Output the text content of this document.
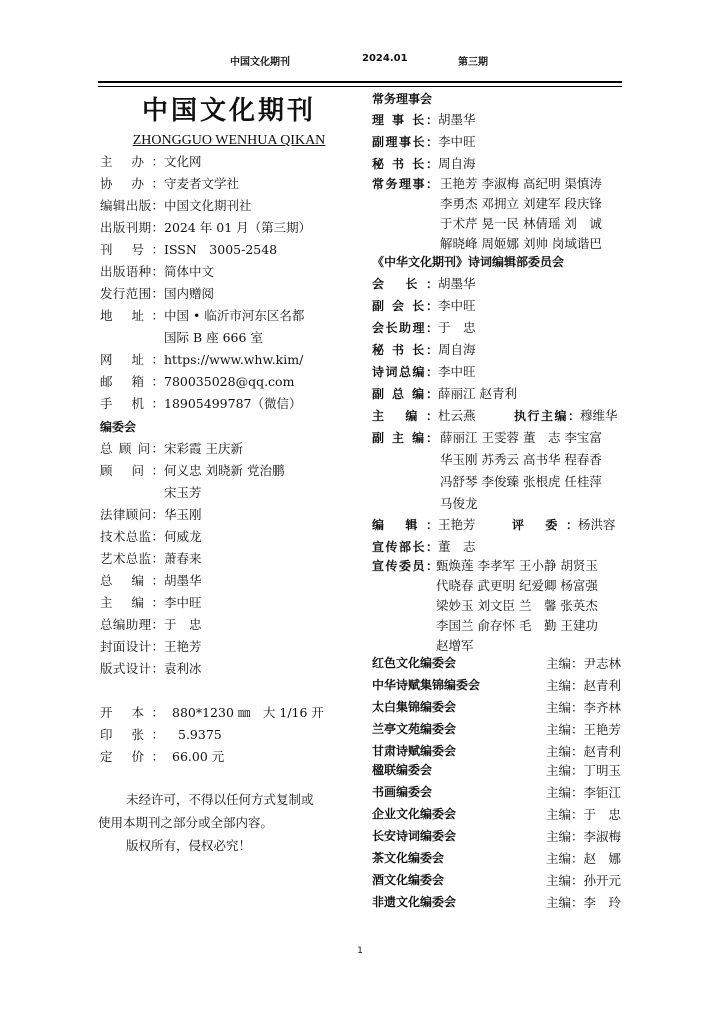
中国文化期刊	2024.01	第三期
中国文化期刊
ZHONGGUO WENHUA QIKAN
主 办：文化网
协 办：守麦者文学社
编辑出版：中国文化期刊社
出版刊期：2024 年 01 月（第三期）
刊 号：ISSN　3005-2548
出版语种：简体中文
发行范围：国内赠阅
地 址：中国 • 临沂市河东区名都
国际 B 座 666 室
网 址：https://www.whw.kim/
邮 箱：780035028@qq.com
手 机：18905499787（微信）
编委会
总 顾 问：宋彩霞 王庆新
顾 问：何义忠 刘晓新 党治鹏
宋玉芳
法律顾问：华玉刚
技术总监：何威龙
艺术总监：萧春来
总 编：胡墨华
主 编：李中旺
总编助理：于　忠
封面设计：王艳芳
版式设计：袁利冰
开 本： 880*1230 ㎜　大 1/16 开
印 张： 5.9375
定 价： 66.00 元
未经许可，不得以任何方式复制或
使用本期刊之部分或全部内容。
版权所有，侵权必究！
常务理事会
理 事 长：胡墨华
副理事长：李中旺
秘 书 长：周自海
常务理事： 王艳芳 李淑梅 高纪明 渠慎涛
李勇杰 邓拥立 刘建军 段庆锋
于术芹 晃一民 林倩瑶 刘　诚
解晓峰 周姬娜 刘帅 岗域谐巴
《中华文化期刊》诗词编辑部委员会
会 长：胡墨华
副 会 长：李中旺
会长助理：于　忠
秘 书 长：周自海
诗词总编：李中旺
副 总 编：薛丽江 赵青利
主 编：杜云燕	执行主编：穆维华
副 主 编： 薛丽江 王雯蓉 董　志 李宝富
华玉刚 苏秀云 高书华 程春香
冯舒琴 李俊臻 张根虎 任桂萍
马俊龙
编 辑：王艳芳	评 委：杨洪容
宣传部长：董　志
宣传委员：
甄焕莲 李孝军 王小静 胡贤玉
代晓春 武更明 纪爱卿 杨富强
梁妙玉 刘文臣 兰　馨 张英杰
李国兰 俞存怀 毛　勤 王建功
赵增军
红色文化编委会	主编：尹志林
中华诗赋集锦编委会	主编：赵青利
太白集锦编委会	主编：李齐林
兰亭文苑编委会	主编：王艳芳
甘肃诗赋编委会	主编：赵青利
楹联编委会	主编：丁明玉
书画编委会	主编：李钜江
企业文化编委会	主编：于　忠
长安诗词编委会	主编：李淑梅
茶文化编委会	主编：赵　娜
酒文化编委会	主编：孙开元
非遗文化编委会	主编：李　玲
1
